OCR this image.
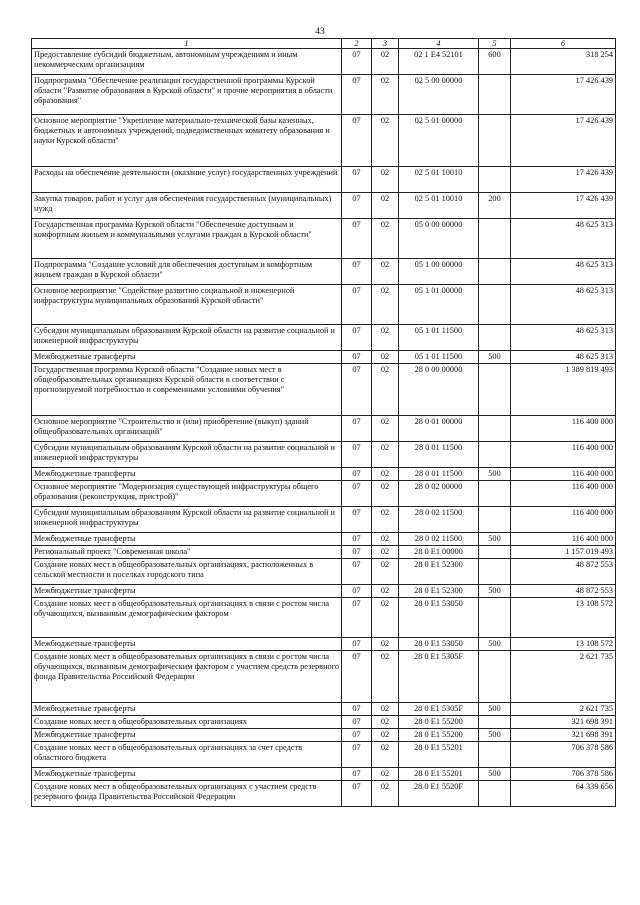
43
1	2	3	4	5	6
Предоставление субсидий бюджетным, автономным учреждениям и иным некоммерческим организациям	07	02	02 1 Е4 52101	600	318 254
Подпрограмма "Обеспечение реализации государственной программы Курской области "Развитие образования в Курской области" и прочие мероприятия в области образования"	07	02	02 5 00 00000		17 426 439
Основное мероприятие "Укрепление материально-технической базы казенных, бюджетных и автономных учреждений, подведомственных комитету образования и науки Курской области"	07	02	02 5 01 00000		17 426 439
Расходы на обеспечение деятельности (оказание услуг) государственных учреждений	07	02	02 5 01 10010		17 426 439
Закупка товаров, работ и услуг для обеспечения государственных (муниципальных) нужд	07	02	02 5 01 10010	200	17 426 439
Государственная программа Курской области "Обеспечение доступным и комфортным жильем и коммунальными услугами граждан в Курской области"	07	02	05 0 00 00000		48 625 313
Подпрограмма "Создание условий для обеспечения доступным и комфортным жильем граждан в Курской области"	07	02	05 1 00 00000		48 625 313
Основное мероприятие "Содействие развитию социальной и инженерной инфраструктуры муниципальных образований Курской области"	07	02	05 1 01 00000		48 625 313
Субсидии муниципальным образованиям Курской области на развитие социальной и инженерной инфраструктуры	07	02	05 1 01 11500		48 625 313
Межбюджетные трансферты	07	02	05 1 01 11500	500	48 625 313
Государственная программа Курской области "Создание новых мест в общеобразовательных организациях Курской области в соответствии с прогнозируемой потребностью и современными условиями обучения"	07	02	28 0 00 00000		1 389 819 493
Основное мероприятие "Строительство и (или) приобретение (выкуп) зданий общеобразовательных организаций"	07	02	28 0 01 00000		116 400 000
Субсидии муниципальным образованиям Курской области на развитие социальной и инженерной инфраструктуры	07	02	28 0 01 11500		116 400 000
Межбюджетные трансферты	07	02	28 0 01 11500	500	116 400 000
Основное мероприятие "Модернизация существующей инфраструктуры общего образования (реконструкция, пристрой)"	07	02	28 0 02 00000		116 400 000
Субсидии муниципальным образованиям Курской области на развитие социальной и инженерной инфраструктуры	07	02	28 0 02 11500		116 400 000
Межбюджетные трансферты	07	02	28 0 02 11500	500	116 400 000
Региональный проект "Современная школа"	07	02	28 0 Е1 00000		1 157 019 493
Создание новых мест в общеобразовательных организациях, расположенных в сельской местности и поселках городского типа	07	02	28 0 Е1 52300		48 872 553
Межбюджетные трансферты	07	02	28 0 Е1 52300	500	48 872 553
Создание новых мест в общеобразовательных организациях в связи с ростом числа обучающихся, вызванным демографическим фактором	07	02	28 0 Е1 53050		13 108 572
Межбюджетные трансферты	07	02	28 0 Е1 53050	500	13 108 572
Создание новых мест в общеобразовательных организациях в связи с ростом числа обучающихся, вызванным демографическим фактором с участием средств резервного фонда Правительства Российской Федерации	07	02	28 0 Е1 5305F		2 621 735
Межбюджетные трансферты	07	02	28 0 Е1 5305F	500	2 621 735
Создание новых мест в общеобразовательных организациях	07	02	28 0 Е1 55200		321 698 391
Межбюджетные трансферты	07	02	28 0 Е1 55200	500	321 698 391
Создание новых мест в общеобразовательных организациях за счет средств областного бюджета	07	02	28 0 Е1 55201		706 378 586
Межбюджетные трансферты	07	02	28 0 Е1 55201	500	706 378 586
Создание новых мест в общеобразовательных организациях с участием средств резервного фонда Правительства Российской Федерации	07	02	28 0 Е1 5520F		64 339 656
